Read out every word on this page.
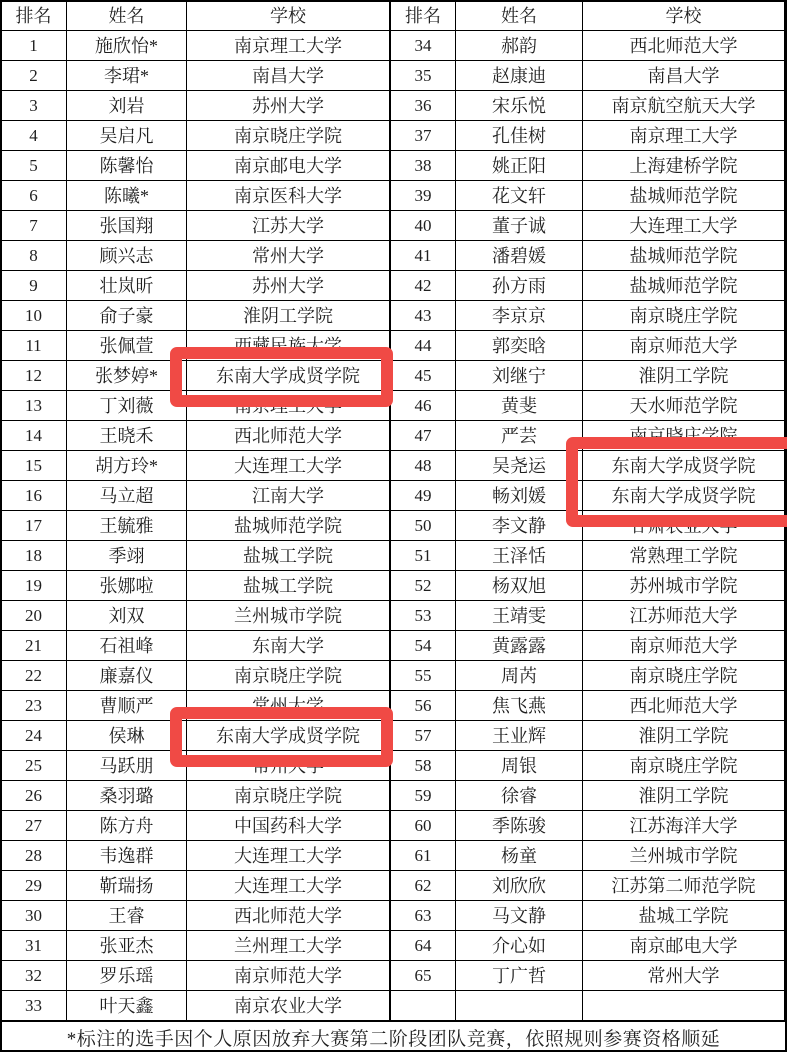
排名	姓名	学校
1	施欣怡*	南京理工大学
2	李珺*	南昌大学
3	刘岩	苏州大学
4	吴启凡	南京晓庄学院
5	陈馨怡	南京邮电大学
6	陈曦*	南京医科大学
7	张国翔	江苏大学
8	顾兴志	常州大学
9	壮岚昕	苏州大学
10	俞子豪	淮阴工学院
11	张佩萱	西藏民族大学
12	张梦婷*	东南大学成贤学院
13	丁刘薇	南京理工大学
14	王晓禾	西北师范大学
15	胡方玲*	大连理工大学
16	马立超	江南大学
17	王毓雅	盐城师范学院
18	季翊	盐城工学院
19	张娜啦	盐城工学院
20	刘双	兰州城市学院
21	石祖峰	东南大学
22	廉嘉仪	南京晓庄学院
23	曹顺严	常州大学
24	侯琳	东南大学成贤学院
25	马跃朋	常州大学
26	桑羽璐	南京晓庄学院
27	陈方舟	中国药科大学
28	韦逸群	大连理工大学
29	靳瑞扬	大连理工大学
30	王睿	西北师范大学
31	张亚杰	兰州理工大学
32	罗乐瑶	南京师范大学
33	叶天鑫	南京农业大学
排名	姓名	学校
34	郝韵	西北师范大学
35	赵康迪	南昌大学
36	宋乐悦	南京航空航天大学
37	孔佳树	南京理工大学
38	姚正阳	上海建桥学院
39	花文轩	盐城师范学院
40	董子诚	大连理工大学
41	潘碧媛	盐城师范学院
42	孙方雨	盐城师范学院
43	李京京	南京晓庄学院
44	郭奕晗	南京师范大学
45	刘继宁	淮阴工学院
46	黄斐	天水师范学院
47	严芸	南京晓庄学院
48	吴尧运	东南大学成贤学院
49	畅刘媛	东南大学成贤学院
50	李文静	甘肃农业大学
51	王泽恬	常熟理工学院
52	杨双旭	苏州城市学院
53	王靖雯	江苏师范大学
54	黄露露	南京师范大学
55	周芮	南京晓庄学院
56	焦飞燕	西北师范大学
57	王业辉	淮阴工学院
58	周银	南京晓庄学院
59	徐睿	淮阴工学院
60	季陈骏	江苏海洋大学
61	杨童	兰州城市学院
62	刘欣欣	江苏第二师范学院
63	马文静	盐城工学院
64	介心如	南京邮电大学
65	丁广哲	常州大学

*标注的选手因个人原因放弃大赛第二阶段团队竞赛，依照规则参赛资格顺延
